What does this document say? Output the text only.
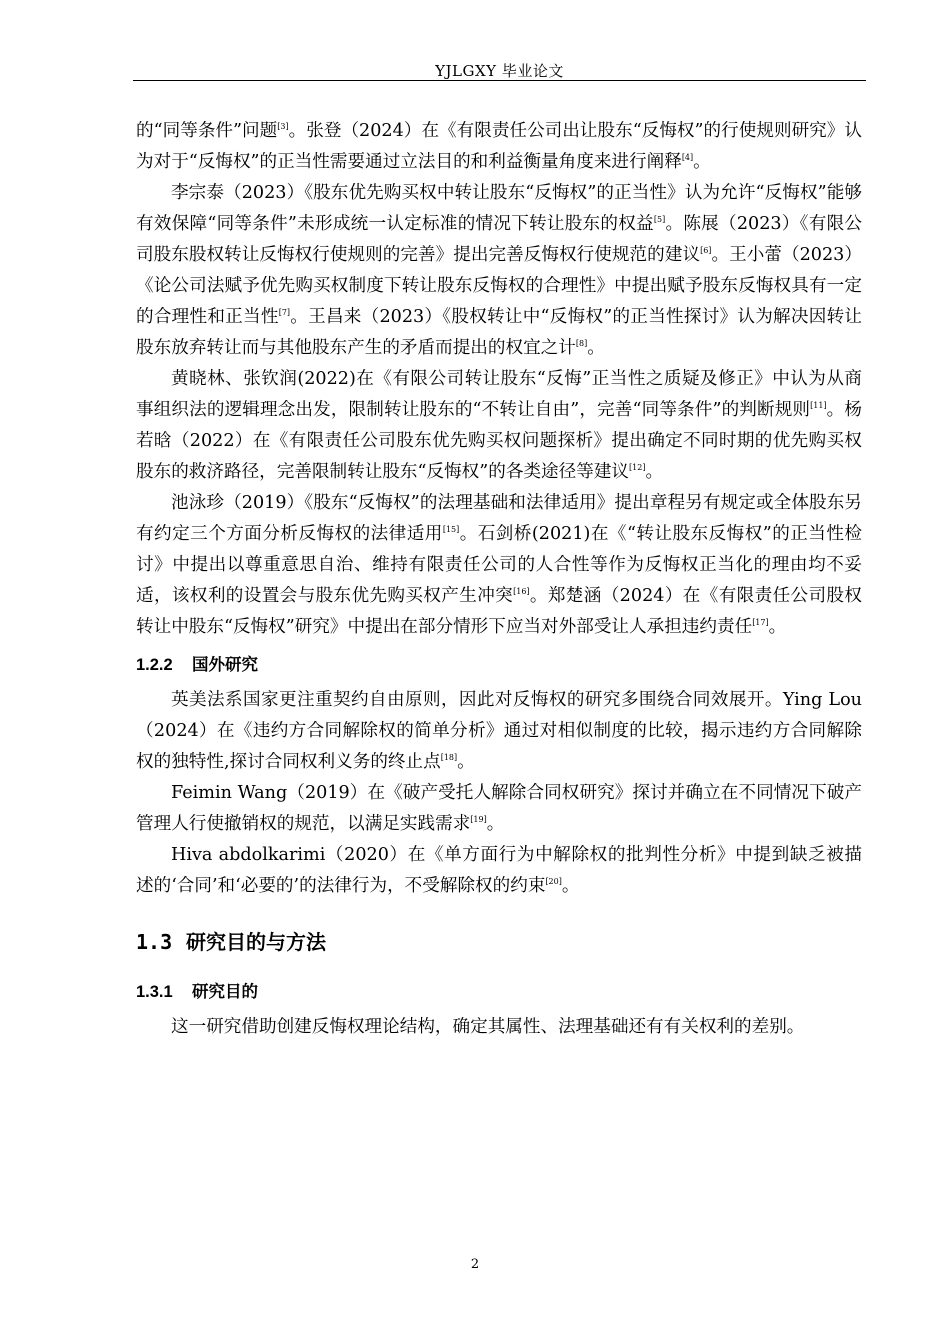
YJLGXY 毕业论文

的“同等条件”问题[3]。张登（2024）在《有限责任公司出让股东“反悔权”的行使规则研究》认为对于“反悔权”的正当性需要通过立法目的和利益衡量角度来进行阐释[4]。

李宗泰（2023）《股东优先购买权中转让股东“反悔权”的正当性》认为允许“反悔权”能够有效保障“同等条件”未形成统一认定标准的情况下转让股东的权益[5]。陈展（2023）《有限公司股东股权转让反悔权行使规则的完善》提出完善反悔权行使规范的建议[6]。王小蕾（2023）《论公司法赋予优先购买权制度下转让股东反悔权的合理性》中提出赋予股东反悔权具有一定的合理性和正当性[7]。王昌来（2023）《股权转让中“反悔权”的正当性探讨》认为解决因转让股东放弃转让而与其他股东产生的矛盾而提出的权宜之计[8]。

黄晓林、张钦润(2022)在《有限公司转让股东“反悔”正当性之质疑及修正》中认为从商事组织法的逻辑理念出发，限制转让股东的“不转让自由”，完善“同等条件”的判断规则[11]。杨若晗（2022）在《有限责任公司股东优先购买权问题探析》提出确定不同时期的优先购买权股东的救济路径，完善限制转让股东“反悔权”的各类途径等建议[12]。

池泳珍（2019）《股东“反悔权”的法理基础和法律适用》提出章程另有规定或全体股东另有约定三个方面分析反悔权的法律适用[15]。石剑桥(2021)在《“转让股东反悔权”的正当性检讨》中提出以尊重意思自治、维持有限责任公司的人合性等作为反悔权正当化的理由均不妥适，该权利的设置会与股东优先购买权产生冲突[16]。郑楚涵（2024）在《有限责任公司股权转让中股东“反悔权”研究》中提出在部分情形下应当对外部受让人承担违约责任[17]。

1.2.2 国外研究

英美法系国家更注重契约自由原则，因此对反悔权的研究多围绕合同效展开。Ying Lou（2024）在《违约方合同解除权的简单分析》通过对相似制度的比较，揭示违约方合同解除权的独特性,探讨合同权利义务的终止点[18]。

Feimin Wang（2019）在《破产受托人解除合同权研究》探讨并确立在不同情况下破产管理人行使撤销权的规范，以满足实践需求[19]。

Hiva abdolkarimi（2020）在《单方面行为中解除权的批判性分析》中提到缺乏被描述的‘合同’和‘必要的’的法律行为，不受解除权的约束[20]。

1.3 研究目的与方法
1.3.1 研究目的

这一研究借助创建反悔权理论结构，确定其属性、法理基础还有有关权利的差别。

2
